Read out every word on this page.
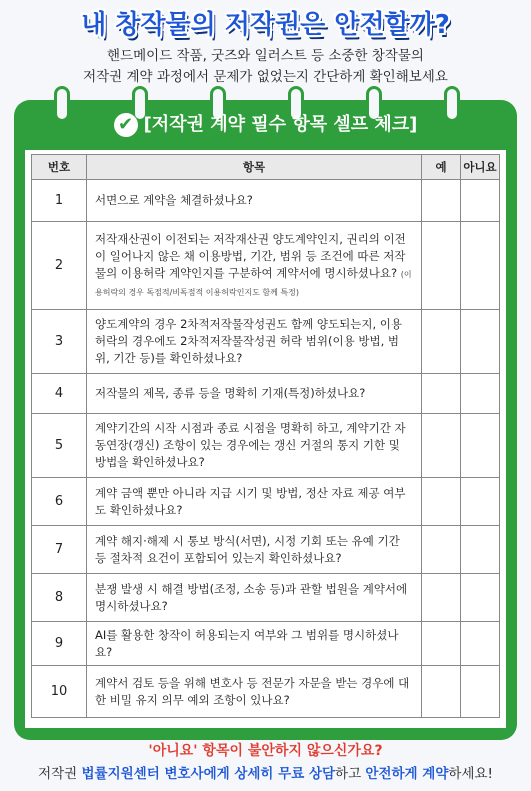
내 창작물의 저작권은 안전할까?
핸드메이드 작품, 굿즈와 일러스트 등 소중한 창작물의
저작권 계약 과정에서 문제가 없었는지 간단하게 확인해보세요
✔ [저작권 계약 필수 항목 셀프 체크]
번호	항목	예	아니요
1	서면으로 계약을 체결하셨나요?		
2	저작재산권이 이전되는 저작재산권 양도계약인지, 권리의 이전이 일어나지 않은 채 이용방법, 기간, 범위 등 조건에 따른 저작물의 이용허락 계약인지를 구분하여 계약서에 명시하셨나요? (이용허락의 경우 독점적/비독점적 이용허락인지도 함께 특정)		
3	양도계약의 경우 2차적저작물작성권도 함께 양도되는지, 이용허락의 경우에도 2차적저작물작성권 허락 범위(이용 방법, 범위, 기간 등)를 확인하셨나요?		
4	저작물의 제목, 종류 등을 명확히 기재(특정)하셨나요?		
5	계약기간의 시작 시점과 종료 시점을 명확히 하고, 계약기간 자동연장(갱신) 조항이 있는 경우에는 갱신 거절의 통지 기한 및 방법을 확인하셨나요?		
6	계약 금액 뿐만 아니라 지급 시기 및 방법, 정산 자료 제공 여부도 확인하셨나요?		
7	계약 해지·해제 시 통보 방식(서면), 시정 기회 또는 유예 기간 등 절차적 요건이 포함되어 있는지 확인하셨나요?		
8	분쟁 발생 시 해결 방법(조정, 소송 등)과 관할 법원을 계약서에 명시하셨나요?		
9	AI를 활용한 창작이 허용되는지 여부와 그 범위를 명시하셨나요?		
10	계약서 검토 등을 위해 변호사 등 전문가 자문을 받는 경우에 대한 비밀 유지 의무 예외 조항이 있나요?		
'아니요' 항목이 불안하지 않으신가요?
저작권 법률지원센터 변호사에게 상세히 무료 상담하고 안전하게 계약하세요!
